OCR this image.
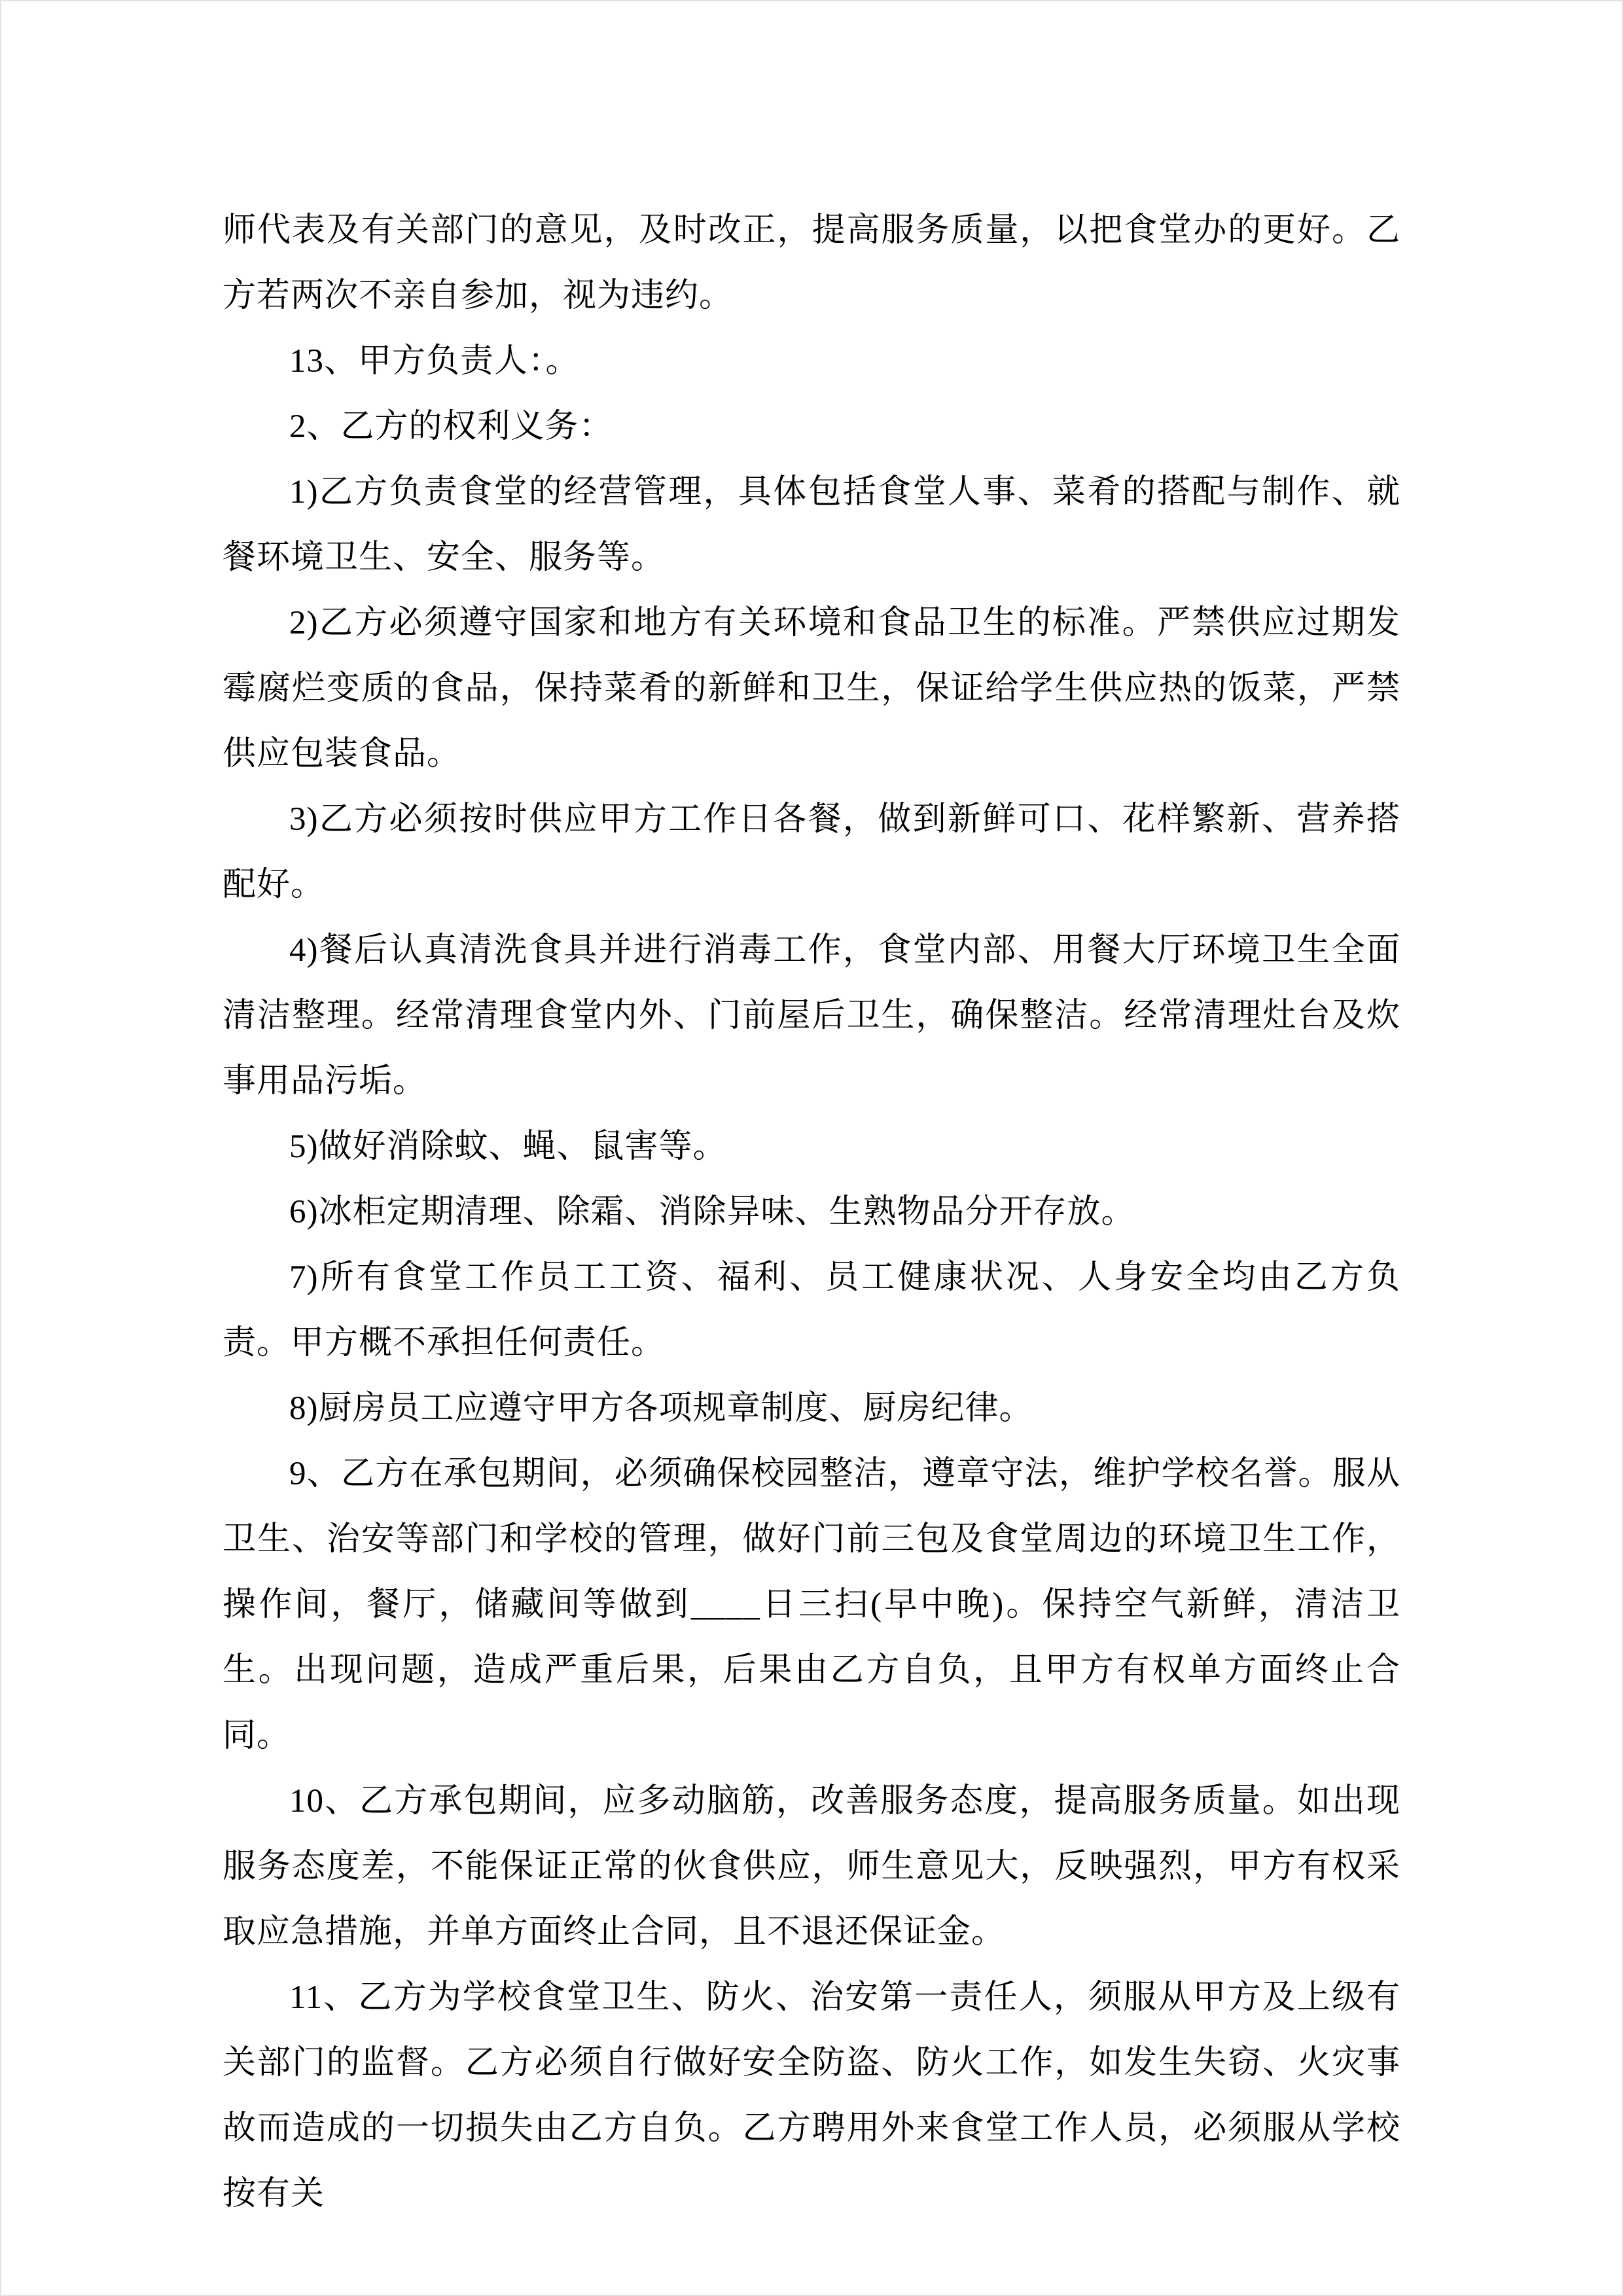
师代表及有关部门的意见，及时改正，提高服务质量，以把食堂办的更好。乙方若两次不亲自参加，视为违约。

13、甲方负责人：。

2、乙方的权利义务：

1)乙方负责食堂的经营管理，具体包括食堂人事、菜肴的搭配与制作、就餐环境卫生、安全、服务等。

2)乙方必须遵守国家和地方有关环境和食品卫生的标准。严禁供应过期发霉腐烂变质的食品，保持菜肴的新鲜和卫生，保证给学生供应热的饭菜，严禁供应包装食品。

3)乙方必须按时供应甲方工作日各餐，做到新鲜可口、花样繁新、营养搭配好。

4)餐后认真清洗食具并进行消毒工作，食堂内部、用餐大厅环境卫生全面清洁整理。经常清理食堂内外、门前屋后卫生，确保整洁。经常清理灶台及炊事用品污垢。

5)做好消除蚊、蝇、鼠害等。

6)冰柜定期清理、除霜、消除异味、生熟物品分开存放。

7)所有食堂工作员工工资、福利、员工健康状况、人身安全均由乙方负责。甲方概不承担任何责任。

8)厨房员工应遵守甲方各项规章制度、厨房纪律。

9、乙方在承包期间，必须确保校园整洁，遵章守法，维护学校名誉。服从卫生、治安等部门和学校的管理，做好门前三包及食堂周边的环境卫生工作，操作间，餐厅，储藏间等做到____日三扫(早中晚)。保持空气新鲜，清洁卫生。出现问题，造成严重后果，后果由乙方自负，且甲方有权单方面终止合同。

10、乙方承包期间，应多动脑筋，改善服务态度，提高服务质量。如出现服务态度差，不能保证正常的伙食供应，师生意见大，反映强烈，甲方有权采取应急措施，并单方面终止合同，且不退还保证金。

11、乙方为学校食堂卫生、防火、治安第一责任人，须服从甲方及上级有关部门的监督。乙方必须自行做好安全防盗、防火工作，如发生失窃、火灾事故而造成的一切损失由乙方自负。乙方聘用外来食堂工作人员，必须服从学校按有关
